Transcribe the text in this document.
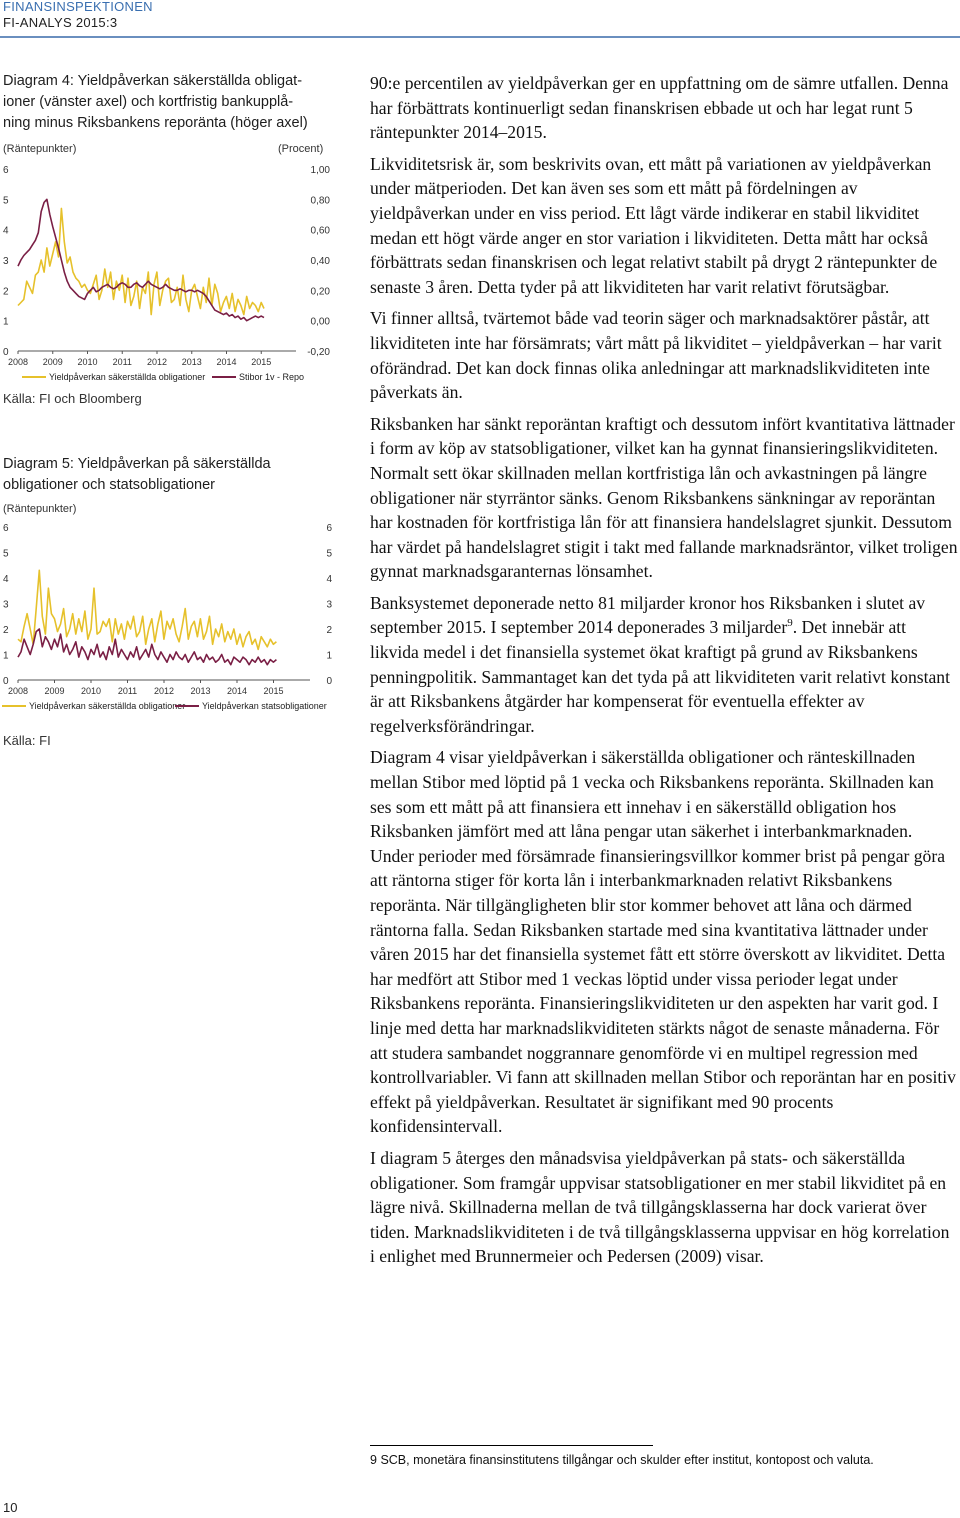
FINANSINSPEKTIONEN
FI-ANALYS 2015:3
Diagram 4: Yieldpåverkan säkerställda obligat-
ioner (vänster axel) och kortfristig bankupplå-
ning minus Riksbankens reporänta (höger axel)
(Räntepunkter)	(Procent)
0
1
2
3
4
5
6
-0,20
0,00
0,20
0,40
0,60
0,80
1,00
2008 2009 2010 2011 2012 2013 2014 2015
Yieldpåverkan säkerställda obligationer	Stibor 1v - Repo
Källa: FI och Bloomberg
Diagram 5: Yieldpåverkan på säkerställda
obligationer och statsobligationer
(Räntepunkter)
0
1
2
3
4
5
6
0
1
2
3
4
5
6
2008 2009 2010 2011 2012 2013 2014 2015
Yieldpåverkan säkerställda obligationer Yieldpåverkan statsobligationer
Källa: FI

90:e percentilen av yieldpåverkan ger en uppfattning om de sämre utfallen. Denna har förbättrats kontinuerligt sedan finanskrisen ebbade ut och har legat runt 5 räntepunkter 2014–2015.

Likviditetsrisk är, som beskrivits ovan, ett mått på variationen av yieldpåverkan under mätperioden. Det kan även ses som ett mått på fördelningen av yieldpåverkan under en viss period. Ett lågt värde indikerar en stabil likviditet medan ett högt värde anger en stor variation i likviditeten. Detta mått har också förbättrats sedan finanskrisen och legat relativt stabilt på drygt 2 räntepunkter de senaste 3 åren. Detta tyder på att likviditeten har varit relativt förutsägbar.

Vi finner alltså, tvärtemot både vad teorin säger och marknadsaktörer påstår, att likviditeten inte har försämrats; vårt mått på likviditet – yieldpåverkan – har varit oförändrad. Det kan dock finnas olika anledningar att marknadslikviditeten inte påverkats än.

Riksbanken har sänkt reporäntan kraftigt och dessutom infört kvantitativa lättnader i form av köp av statsobligationer, vilket kan ha gynnat finansieringslikviditeten. Normalt sett ökar skillnaden mellan kortfristiga lån och avkastningen på längre obligationer när styrräntor sänks. Genom Riksbankens sänkningar av reporäntan har kostnaden för kortfristiga lån för att finansiera handelslagret sjunkit. Dessutom har värdet på handelslagret stigit i takt med fallande marknadsräntor, vilket troligen gynnat marknadsgaranternas lönsamhet.

Banksystemet deponerade netto 81 miljarder kronor hos Riksbanken i slutet av september 2015. I september 2014 deponerades 3 miljarder$^9$. Det innebär att likvida medel i det finansiella systemet ökat kraftigt på grund av Riksbankens penningpolitik. Sammantaget kan det tyda på att likviditeten varit relativt konstant är att Riksbankens åtgärder har kompenserat för eventuella effekter av regelverksförändringar.

Diagram 4 visar yieldpåverkan i säkerställda obligationer och ränteskillnaden mellan Stibor med löptid på 1 vecka och Riksbankens reporänta. Skillnaden kan ses som ett mått på att finansiera ett innehav i en säkerställd obligation hos Riksbanken jämfört med att låna pengar utan säkerhet i interbankmarknaden. Under perioder med försämrade finansieringsvillkor kommer brist på pengar göra att räntorna stiger för korta lån i interbankmarknaden relativt Riksbankens reporänta. När tillgängligheten blir stor kommer behovet att låna och därmed räntorna falla. Sedan Riksbanken startade med sina kvantitativa lättnader under våren 2015 har det finansiella systemet fått ett större överskott av likviditet. Detta har medfört att Stibor med 1 veckas löptid under vissa perioder legat under Riksbankens reporänta. Finansieringslikviditeten ur den aspekten har varit god. I linje med detta har marknadslikviditeten stärkts något de senaste månaderna. För att studera sambandet noggrannare genomförde vi en multipel regression med kontrollvariabler. Vi fann att skillnaden mellan Stibor och reporäntan har en positiv effekt på yieldpåverkan. Resultatet är signifikant med 90 procents konfidensintervall.

I diagram 5 återges den månadsvisa yieldpåverkan på stats- och säkerställda obligationer. Som framgår uppvisar statsobligationer en mer stabil likviditet på en lägre nivå. Skillnaderna mellan de två tillgångsklasserna har dock varierat över tiden. Marknadslikviditeten i de två tillgångsklasserna uppvisar en hög korrelation i enlighet med Brunnermeier och Pedersen (2009) visar.

9 SCB, monetära finansinstitutens tillgångar och skulder efter institut, kontopost och valuta.
10
